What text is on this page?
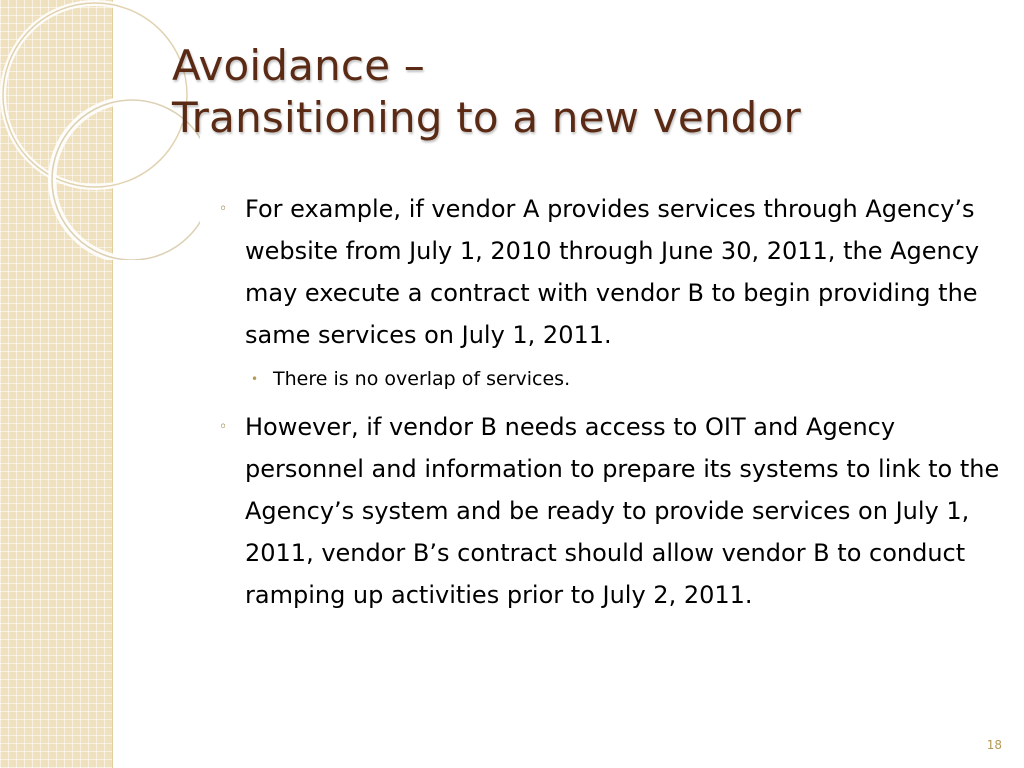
Avoidance –
Transitioning to a new vendor
◦ For example, if vendor A provides services through Agency’s website from July 1, 2010 through June 30, 2011, the Agency may execute a contract with vendor B to begin providing the same services on July 1, 2011.
• There is no overlap of services.
◦ However, if vendor B needs access to OIT and Agency personnel and information to prepare its systems to link to the Agency’s system and be ready to provide services on July 1, 2011, vendor B’s contract should allow vendor B to conduct ramping up activities prior to July 2, 2011.
18
